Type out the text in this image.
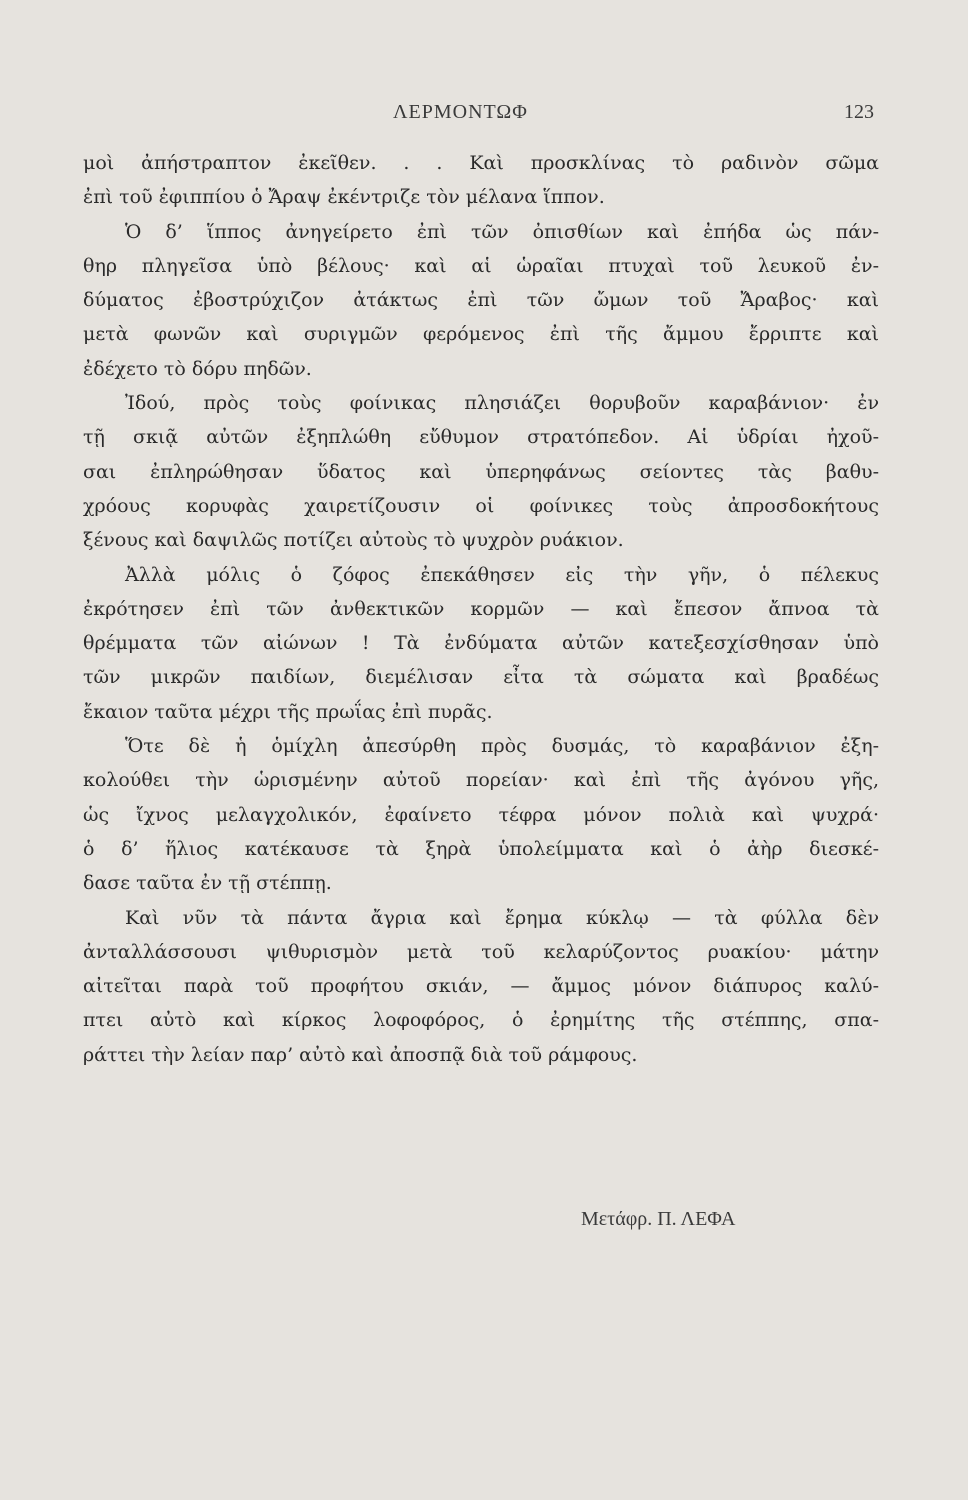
ΛΕΡΜΟΝΤΩΦ	123
μοὶ ἀπήστραπτον ἐκεῖθεν. . . Καὶ προσκλίνας τὸ ραδινὸν σῶμα
ἐπὶ τοῦ ἐφιππίου ὁ Ἄραψ ἐκέντριζε τὸν μέλανα ἵππον.
Ὁ δ’ ἵππος ἀνηγείρετο ἐπὶ τῶν ὀπισθίων καὶ ἐπήδα ὡς πάν-
θηρ πληγεῖσα ὑπὸ βέλους· καὶ αἱ ὡραῖαι πτυχαὶ τοῦ λευκοῦ ἐν-
δύματος ἐβοστρύχιζον ἀτάκτως ἐπὶ τῶν ὤμων τοῦ Ἄραβος· καὶ
μετὰ φωνῶν καὶ συριγμῶν φερόμενος ἐπὶ τῆς ἄμμου ἔρριπτε καὶ
ἐδέχετο τὸ δόρυ πηδῶν.
Ἰδού, πρὸς τοὺς φοίνικας πλησιάζει θορυβοῦν καραβάνιον· ἐν
τῇ σκιᾷ αὐτῶν ἐξηπλώθη εὔθυμον στρατόπεδον. Αἱ ὑδρίαι ἠχοῦ-
σαι ἐπληρώθησαν ὕδατος καὶ ὑπερηφάνως σείοντες τὰς βαθυ-
χρόους κορυφὰς χαιρετίζουσιν οἱ φοίνικες τοὺς ἀπροσδοκήτους
ξένους καὶ δαψιλῶς ποτίζει αὐτοὺς τὸ ψυχρὸν ρυάκιον.
Ἀλλὰ μόλις ὁ ζόφος ἐπεκάθησεν εἰς τὴν γῆν, ὁ πέλεκυς
ἐκρότησεν ἐπὶ τῶν ἀνθεκτικῶν κορμῶν — καὶ ἔπεσον ἄπνοα τὰ
θρέμματα τῶν αἰώνων ! Τὰ ἐνδύματα αὐτῶν κατεξεσχίσθησαν ὑπὸ
τῶν μικρῶν παιδίων, διεμέλισαν εἶτα τὰ σώματα καὶ βραδέως
ἔκαιον ταῦτα μέχρι τῆς πρωΐας ἐπὶ πυρᾶς.
Ὅτε δὲ ἡ ὁμίχλη ἀπεσύρθη πρὸς δυσμάς, τὸ καραβάνιον ἐξη-
κολούθει τὴν ὡρισμένην αὐτοῦ πορείαν· καὶ ἐπὶ τῆς ἀγόνου γῆς,
ὡς ἴχνος μελαγχολικόν, ἐφαίνετο τέφρα μόνον πολιὰ καὶ ψυχρά·
ὁ δ’ ἥλιος κατέκαυσε τὰ ξηρὰ ὑπολείμματα καὶ ὁ ἀὴρ διεσκέ-
δασε ταῦτα ἐν τῇ στέππῃ.
Καὶ νῦν τὰ πάντα ἄγρια καὶ ἔρημα κύκλῳ — τὰ φύλλα δὲν
ἀνταλλάσσουσι ψιθυρισμὸν μετὰ τοῦ κελαρύζοντος ρυακίου· μάτην
αἰτεῖται παρὰ τοῦ προφήτου σκιάν, — ἄμμος μόνον διάπυρος καλύ-
πτει αὐτὸ καὶ κίρκος λοφοφόρος, ὁ ἐρημίτης τῆς στέππης, σπα-
ράττει τὴν λείαν παρ’ αὐτὸ καὶ ἀποσπᾷ διὰ τοῦ ράμφους.
Μετάφρ. Π. ΛΕΦΑ
